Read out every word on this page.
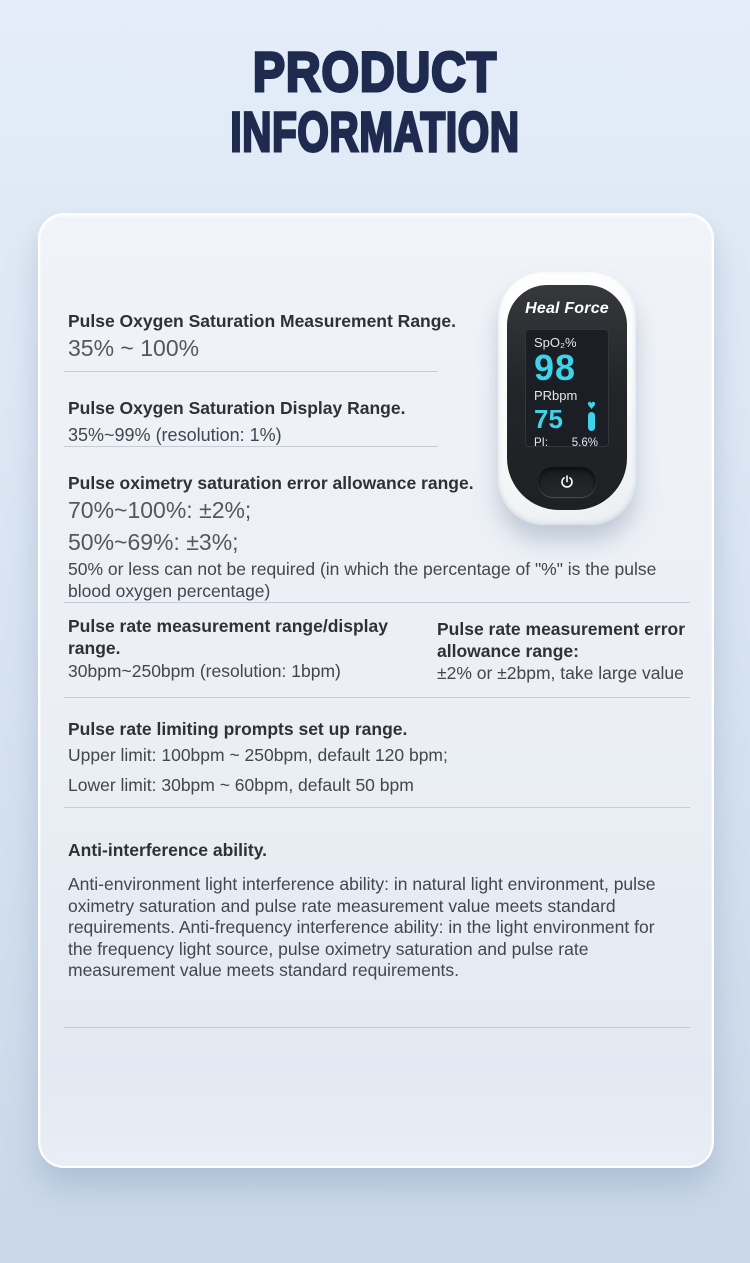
PRODUCT
INFORMATION
Pulse Oxygen Saturation Measurement Range.
35% ~ 100%
Pulse Oxygen Saturation Display Range.
35%~99% (resolution: 1%)
Pulse oximetry saturation error allowance range.
70%~100%: ±2%;
50%~69%: ±3%;
50% or less can not be required (in which the percentage of "%" is the pulse blood oxygen percentage)
Pulse rate measurement range/display range.
30bpm~250bpm (resolution: 1bpm)
Pulse rate measurement error allowance range:
±2% or ±2bpm, take large value
Pulse rate limiting prompts set up range.
Upper limit: 100bpm ~ 250bpm, default 120 bpm;
Lower limit: 30bpm ~ 60bpm, default 50 bpm
Anti-interference ability.
Anti-environment light interference ability: in natural light environment, pulse oximetry saturation and pulse rate measurement value meets standard requirements. Anti-frequency interference ability: in the light environment for the frequency light source, pulse oximetry saturation and pulse rate measurement value meets standard requirements.
Heal Force
SpO₂%
98
PRbpm
75 ♥
PI: 5.6%
